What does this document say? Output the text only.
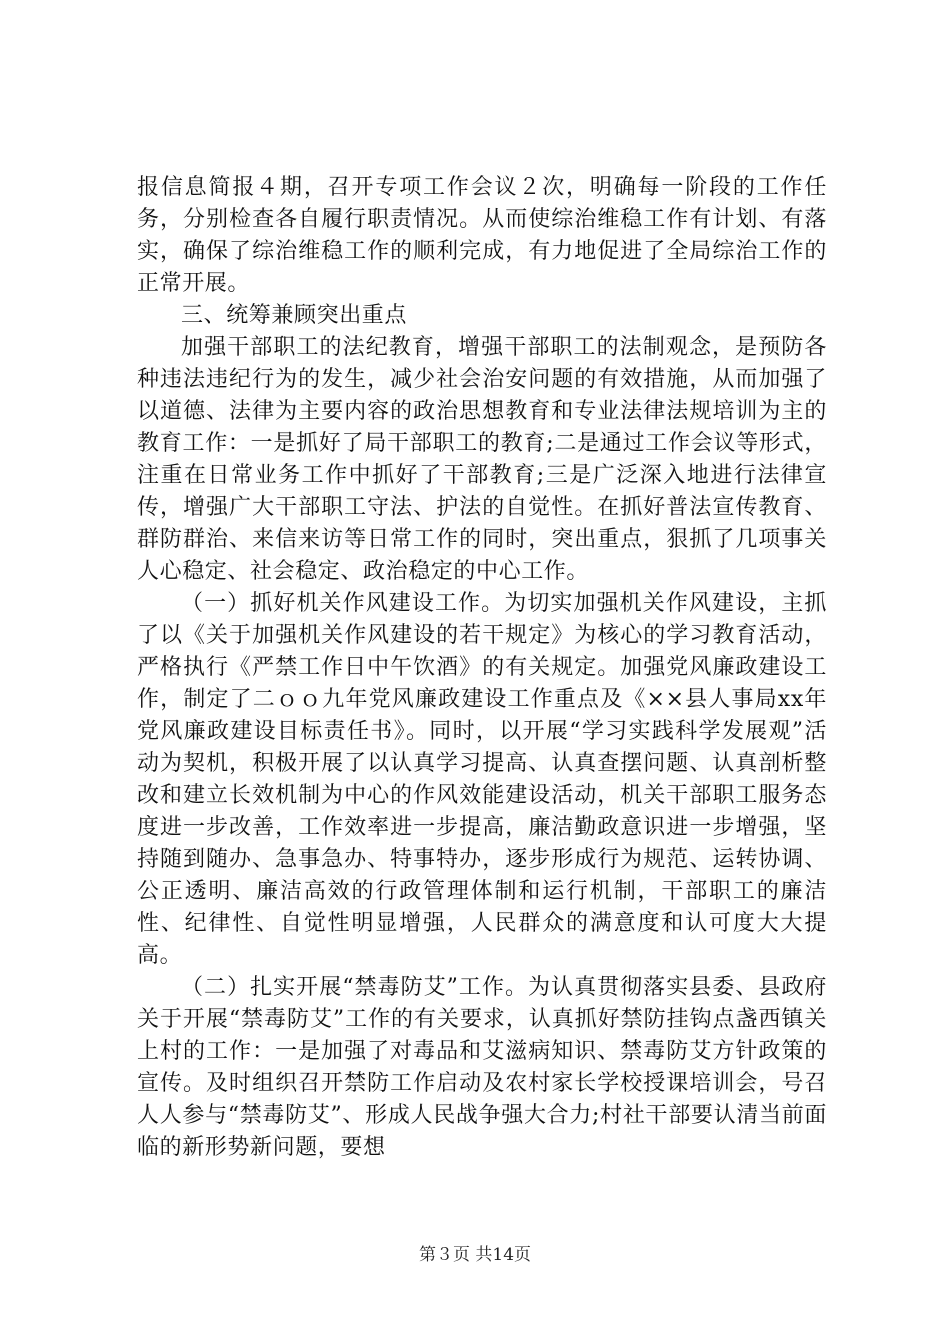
报信息简报４期，召开专项工作会议２次，明确每一阶段的工作任务，分别检查各自履行职责情况。从而使综治维稳工作有计划、有落实，确保了综治维稳工作的顺利完成，有力地促进了全局综治工作的正常开展。

三、统筹兼顾突出重点

加强干部职工的法纪教育，增强干部职工的法制观念，是预防各种违法违纪行为的发生，减少社会治安问题的有效措施，从而加强了以道德、法律为主要内容的政治思想教育和专业法律法规培训为主的教育工作：一是抓好了局干部职工的教育;二是通过工作会议等形式，注重在日常业务工作中抓好了干部教育;三是广泛深入地进行法律宣传，增强广大干部职工守法、护法的自觉性。在抓好普法宣传教育、群防群治、来信来访等日常工作的同时，突出重点，狠抓了几项事关人心稳定、社会稳定、政治稳定的中心工作。

（一）抓好机关作风建设工作。为切实加强机关作风建设，主抓了以《关于加强机关作风建设的若干规定》为核心的学习教育活动，严格执行《严禁工作日中午饮酒》的有关规定。加强党风廉政建设工作，制定了二ｏｏ九年党风廉政建设工作重点及《××县人事局xx年党风廉政建设目标责任书》。同时，以开展“学习实践科学发展观”活动为契机，积极开展了以认真学习提高、认真查摆问题、认真剖析整改和建立长效机制为中心的作风效能建设活动，机关干部职工服务态度进一步改善，工作效率进一步提高，廉洁勤政意识进一步增强，坚持随到随办、急事急办、特事特办，逐步形成行为规范、运转协调、公正透明、廉洁高效的行政管理体制和运行机制，干部职工的廉洁性、纪律性、自觉性明显增强，人民群众的满意度和认可度大大提高。

（二）扎实开展“禁毒防艾”工作。为认真贯彻落实县委、县政府关于开展“禁毒防艾”工作的有关要求，认真抓好禁防挂钩点盏西镇关上村的工作：一是加强了对毒品和艾滋病知识、禁毒防艾方针政策的宣传。及时组织召开禁防工作启动及农村家长学校授课培训会，号召人人参与“禁毒防艾”、形成人民战争强大合力;村社干部要认清当前面临的新形势新问题，要想

第３页 共14页
